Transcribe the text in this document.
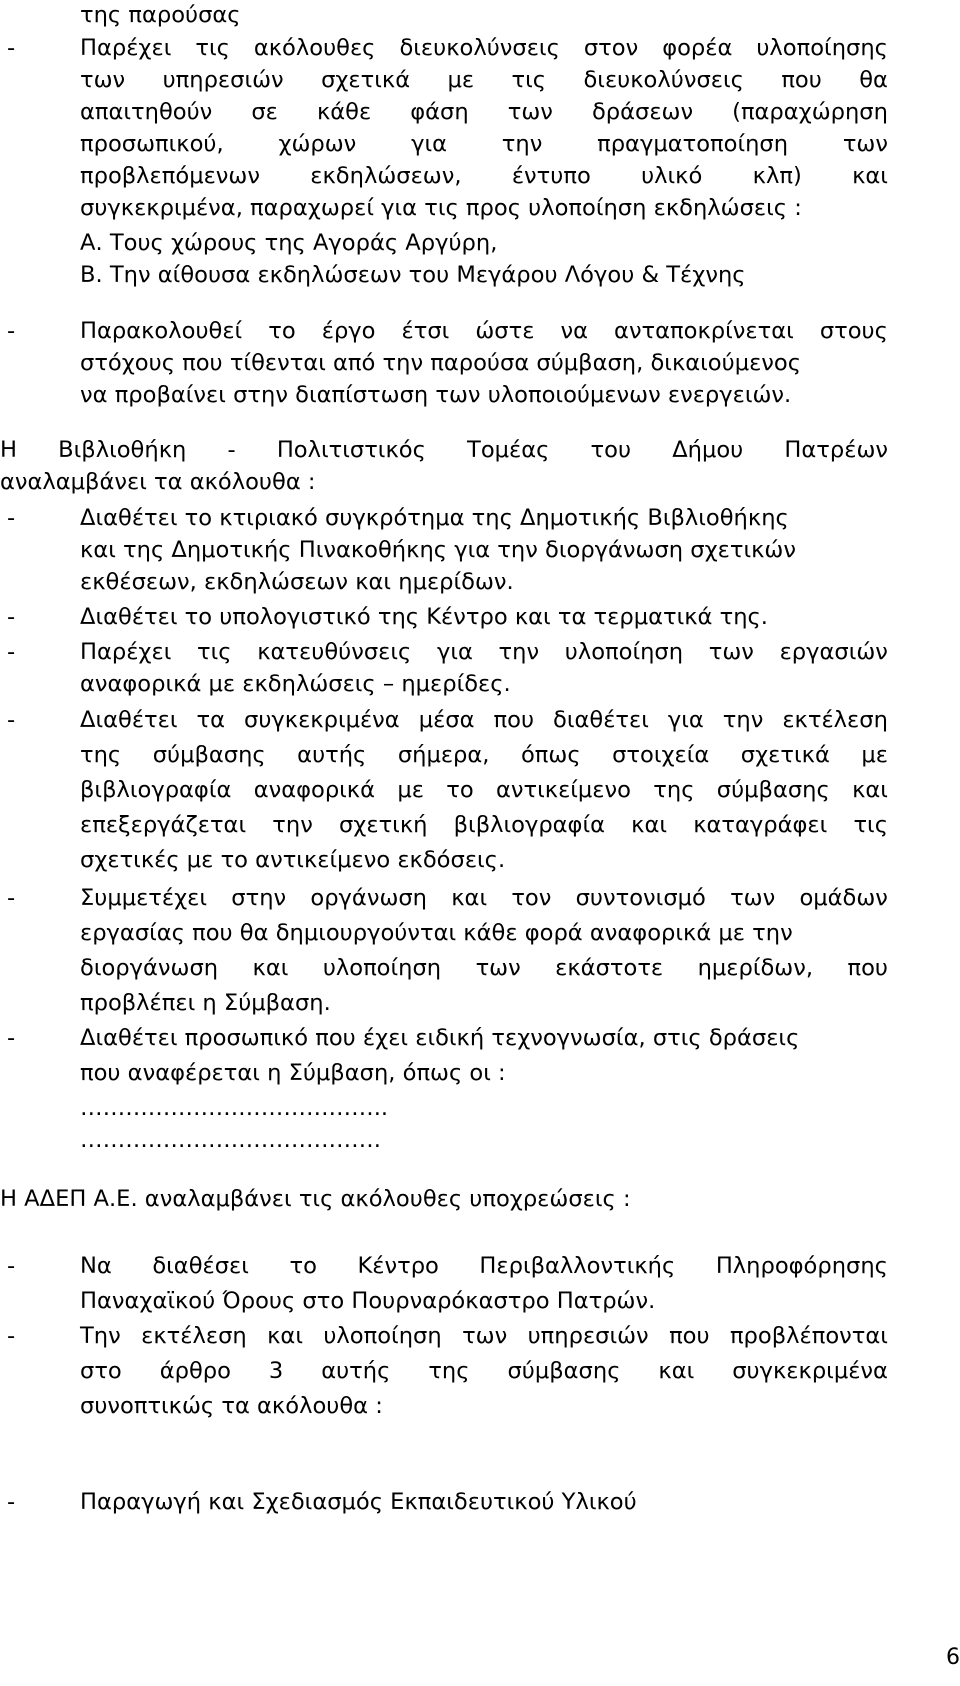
της παρούσας
-	Παρέχει τις ακόλουθες διευκολύνσεις στον φορέα υλοποίησης
των υπηρεσιών σχετικά με τις διευκολύνσεις που θα
απαιτηθούν σε κάθε φάση των δράσεων (παραχώρηση
προσωπικού, χώρων για την πραγματοποίηση των
προβλεπόμενων εκδηλώσεων, έντυπο υλικό κλπ) και
συγκεκριμένα, παραχωρεί για τις προς υλοποίηση εκδηλώσεις :
Α. Τους χώρους της Αγοράς Αργύρη,
Β. Την αίθουσα εκδηλώσεων του Μεγάρου Λόγου & Τέχνης
-	Παρακολουθεί το έργο έτσι ώστε να ανταποκρίνεται στους
στόχους που τίθενται από την παρούσα σύμβαση, δικαιούμενος
να προβαίνει στην διαπίστωση των υλοποιούμενων ενεργειών.
Η Βιβλιοθήκη - Πολιτιστικός Τομέας του Δήμου Πατρέων
αναλαμβάνει τα ακόλουθα :
-	Διαθέτει το κτιριακό συγκρότημα της Δημοτικής Βιβλιοθήκης
και της Δημοτικής Πινακοθήκης για την διοργάνωση σχετικών
εκθέσεων, εκδηλώσεων και ημερίδων.
-	Διαθέτει το υπολογιστικό της Κέντρο και τα τερματικά της.
-	Παρέχει τις κατευθύνσεις για την υλοποίηση των εργασιών
αναφορικά με εκδηλώσεις – ημερίδες.
-	Διαθέτει τα συγκεκριμένα μέσα που διαθέτει για την εκτέλεση
της σύμβασης αυτής σήμερα, όπως στοιχεία σχετικά με
βιβλιογραφία αναφορικά με το αντικείμενο της σύμβασης και
επεξεργάζεται την σχετική βιβλιογραφία και καταγράφει τις
σχετικές με το αντικείμενο εκδόσεις.
-	Συμμετέχει στην οργάνωση και τον συντονισμό των ομάδων
εργασίας που θα δημιουργούνται κάθε φορά αναφορικά με την
διοργάνωση και υλοποίηση των εκάστοτε ημερίδων, που
προβλέπει η Σύμβαση.
-	Διαθέτει προσωπικό που έχει ειδική τεχνογνωσία, στις δράσεις
που αναφέρεται η Σύμβαση, όπως οι :
…………………………………..
………………………………….
Η ΑΔΕΠ Α.Ε. αναλαμβάνει τις ακόλουθες υποχρεώσεις :
-	Να διαθέσει το Κέντρο Περιβαλλοντικής Πληροφόρησης
Παναχαϊκού Όρους στο Πουρναρόκαστρο Πατρών.
-	Την εκτέλεση και υλοποίηση των υπηρεσιών που προβλέπονται
στο άρθρο 3 αυτής της σύμβασης και συγκεκριμένα
συνοπτικώς τα ακόλουθα :
-	Παραγωγή και Σχεδιασμός Εκπαιδευτικού Υλικού
6
